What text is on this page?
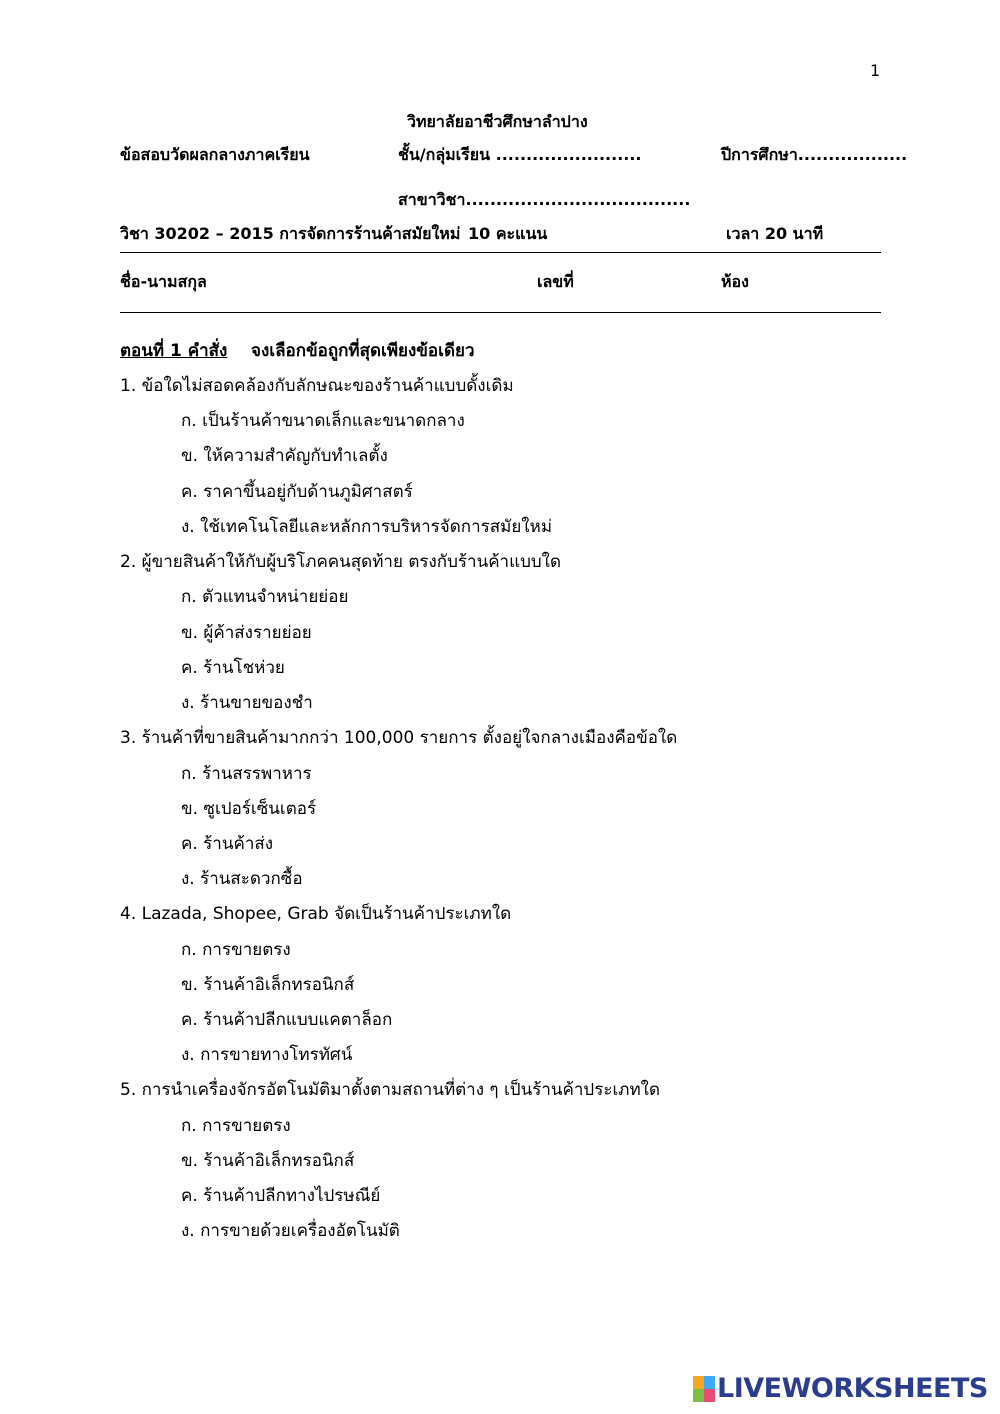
1
วิทยาลัยอาชีวศึกษาลำปาง
ข้อสอบวัดผลกลางภาคเรียน	ชั้น/กลุ่มเรียน ........................	ปีการศึกษา..................
สาขาวิชา.....................................
วิชา 30202 – 2015 การจัดการร้านค้าสมัยใหม่ 10 คะแนน	เวลา 20 นาที
ชื่อ-นามสกุล	เลขที่	ห้อง
ตอนที่ 1 คำสั่ง จงเลือกข้อถูกที่สุดเพียงข้อเดียว
1. ข้อใดไม่สอดคล้องกับลักษณะของร้านค้าแบบดั้งเดิม
ก. เป็นร้านค้าขนาดเล็กและขนาดกลาง
ข. ให้ความสำคัญกับทำเลตั้ง
ค. ราคาขึ้นอยู่กับด้านภูมิศาสตร์
ง. ใช้เทคโนโลยีและหลักการบริหารจัดการสมัยใหม่
2. ผู้ขายสินค้าให้กับผู้บริโภคคนสุดท้าย ตรงกับร้านค้าแบบใด
ก. ตัวแทนจำหน่ายย่อย
ข. ผู้ค้าส่งรายย่อย
ค. ร้านโชห่วย
ง. ร้านขายของชำ
3. ร้านค้าที่ขายสินค้ามากกว่า 100,000 รายการ ตั้งอยู่ใจกลางเมืองคือข้อใด
ก. ร้านสรรพาหาร
ข. ซูเปอร์เซ็นเตอร์
ค. ร้านค้าส่ง
ง. ร้านสะดวกซื้อ
4. Lazada, Shopee, Grab จัดเป็นร้านค้าประเภทใด
ก. การขายตรง
ข. ร้านค้าอิเล็กทรอนิกส์
ค. ร้านค้าปลีกแบบแคตาล็อก
ง. การขายทางโทรทัศน์
5. การนำเครื่องจักรอัตโนมัติมาตั้งตามสถานที่ต่าง ๆ เป็นร้านค้าประเภทใด
ก. การขายตรง
ข. ร้านค้าอิเล็กทรอนิกส์
ค. ร้านค้าปลีกทางไปรษณีย์
ง. การขายด้วยเครื่องอัตโนมัติ
LIVEWORKSHEETS
